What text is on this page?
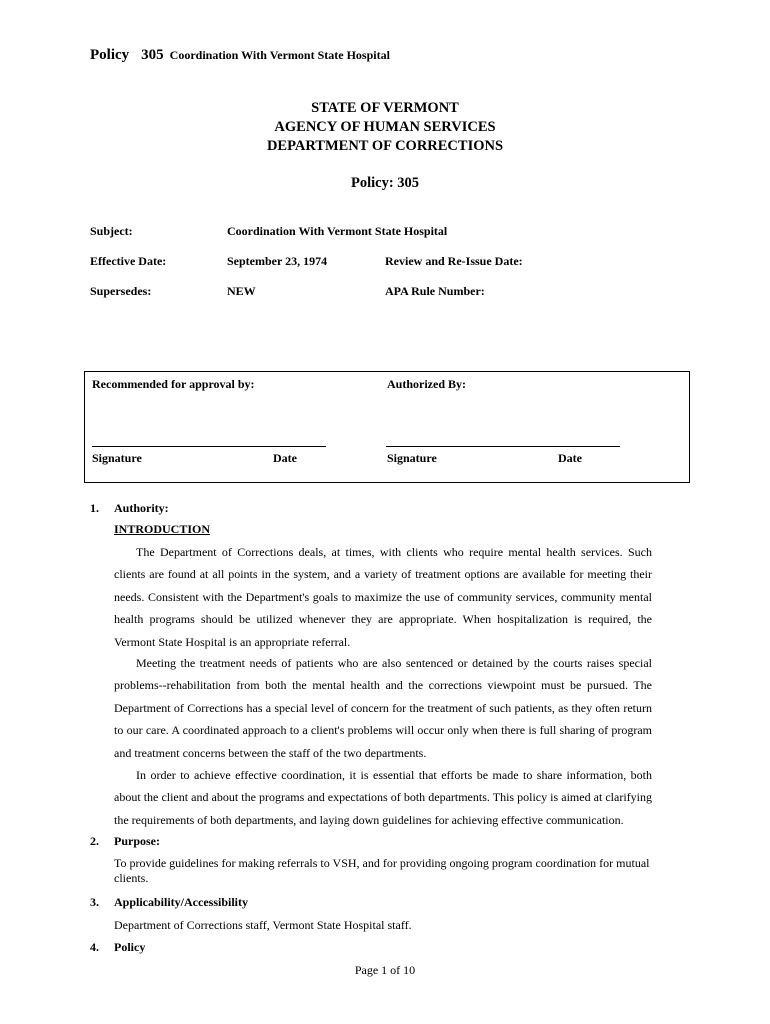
Policy 305 Coordination With Vermont State Hospital
STATE OF VERMONT
AGENCY OF HUMAN SERVICES
DEPARTMENT OF CORRECTIONS
Policy: 305
Subject:	Coordination With Vermont State Hospital
Effective Date:	September 23, 1974	Review and Re-Issue Date:
Supersedes:	NEW	APA Rule Number:
Recommended for approval by:	Authorized By:
Signature	Date	Signature	Date
1. Authority:
INTRODUCTION
The Department of Corrections deals, at times, with clients who require mental health services. Such clients are found at all points in the system, and a variety of treatment options are available for meeting their needs. Consistent with the Department's goals to maximize the use of community services, community mental health programs should be utilized whenever they are appropriate. When hospitalization is required, the Vermont State Hospital is an appropriate referral.
Meeting the treatment needs of patients who are also sentenced or detained by the courts raises special problems--rehabilitation from both the mental health and the corrections viewpoint must be pursued. The Department of Corrections has a special level of concern for the treatment of such patients, as they often return to our care. A coordinated approach to a client's problems will occur only when there is full sharing of program and treatment concerns between the staff of the two departments.
In order to achieve effective coordination, it is essential that efforts be made to share information, both about the client and about the programs and expectations of both departments. This policy is aimed at clarifying the requirements of both departments, and laying down guidelines for achieving effective communication.
2. Purpose:
To provide guidelines for making referrals to VSH, and for providing ongoing program coordination for mutual clients.
3. Applicability/Accessibility
Department of Corrections staff, Vermont State Hospital staff.
4. Policy
Page 1 of 10
